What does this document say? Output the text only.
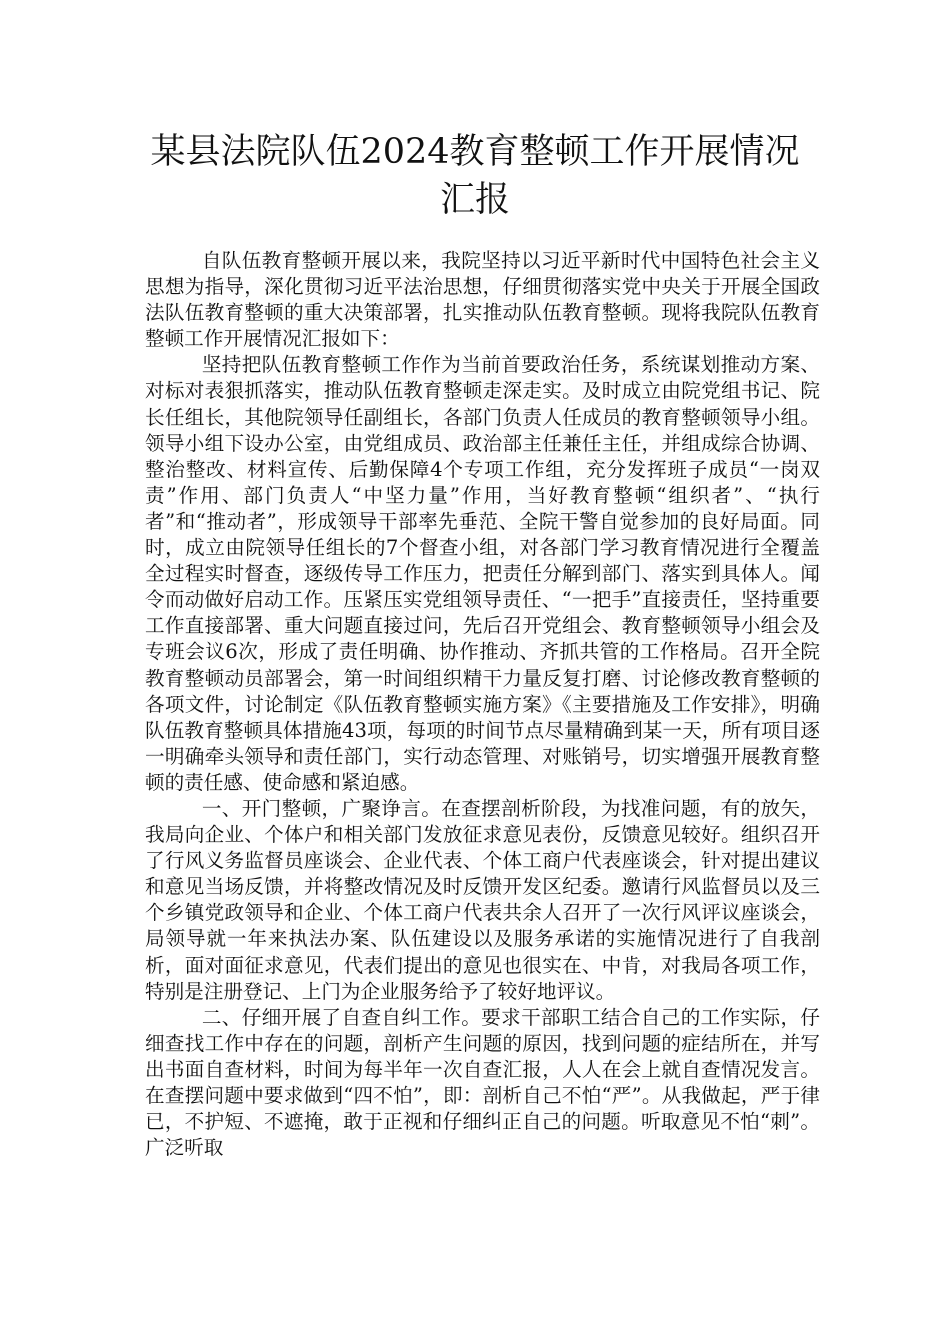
某县法院队伍2024教育整顿工作开展情况
汇报

自队伍教育整顿开展以来，我院坚持以习近平新时代中国特色社会主义思想为指导，深化贯彻习近平法治思想，仔细贯彻落实党中央关于开展全国政法队伍教育整顿的重大决策部署，扎实推动队伍教育整顿。现将我院队伍教育整顿工作开展情况汇报如下：

坚持把队伍教育整顿工作作为当前首要政治任务，系统谋划推动方案、对标对表狠抓落实，推动队伍教育整顿走深走实。及时成立由院党组书记、院长任组长，其他院领导任副组长，各部门负责人任成员的教育整顿领导小组。领导小组下设办公室，由党组成员、政治部主任兼任主任，并组成综合协调、整治整改、材料宣传、后勤保障4个专项工作组，充分发挥班子成员“一岗双责”作用、部门负责人“中坚力量”作用，当好教育整顿“组织者”、“执行者”和“推动者”，形成领导干部率先垂范、全院干警自觉参加的良好局面。同时，成立由院领导任组长的7个督查小组，对各部门学习教育情况进行全覆盖全过程实时督查，逐级传导工作压力，把责任分解到部门、落实到具体人。闻令而动做好启动工作。压紧压实党组领导责任、“一把手”直接责任，坚持重要工作直接部署、重大问题直接过问，先后召开党组会、教育整顿领导小组会及专班会议6次，形成了责任明确、协作推动、齐抓共管的工作格局。召开全院教育整顿动员部署会，第一时间组织精干力量反复打磨、讨论修改教育整顿的各项文件，讨论制定《队伍教育整顿实施方案》《主要措施及工作安排》，明确队伍教育整顿具体措施43项，每项的时间节点尽量精确到某一天，所有项目逐一明确牵头领导和责任部门，实行动态管理、对账销号，切实增强开展教育整顿的责任感、使命感和紧迫感。

一、开门整顿，广聚诤言。在查摆剖析阶段，为找准问题，有的放矢，我局向企业、个体户和相关部门发放征求意见表份，反馈意见较好。组织召开了行风义务监督员座谈会、企业代表、个体工商户代表座谈会，针对提出建议和意见当场反馈，并将整改情况及时反馈开发区纪委。邀请行风监督员以及三个乡镇党政领导和企业、个体工商户代表共余人召开了一次行风评议座谈会，局领导就一年来执法办案、队伍建设以及服务承诺的实施情况进行了自我剖析，面对面征求意见，代表们提出的意见也很实在、中肯，对我局各项工作，特别是注册登记、上门为企业服务给予了较好地评议。

二、仔细开展了自查自纠工作。要求干部职工结合自己的工作实际，仔细查找工作中存在的问题，剖析产生问题的原因，找到问题的症结所在，并写出书面自查材料，时间为每半年一次自查汇报，人人在会上就自查情况发言。在查摆问题中要求做到“四不怕”，即：剖析自己不怕“严”。从我做起，严于律已，不护短、不遮掩，敢于正视和仔细纠正自己的问题。听取意见不怕“刺”。广泛听取
